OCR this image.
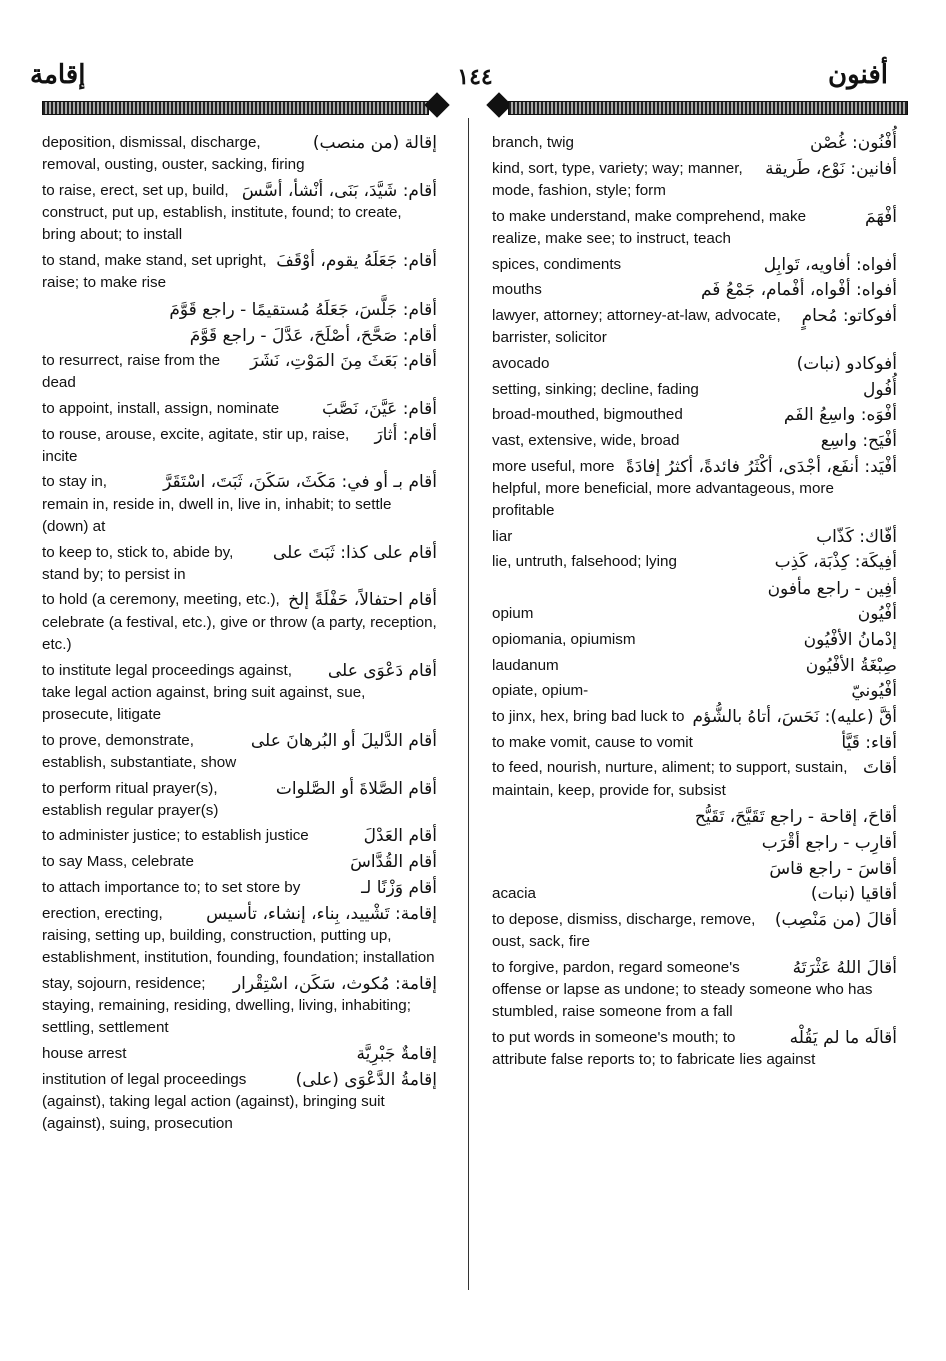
إقامة	١٤٤	أفنون
إقالة (من منصب)
deposition, dismissal, discharge, removal, ousting, ouster, sacking, firing
أقام: شَيَّدَ، بَنَى، أنْشأ، أسَّسَ
to raise, erect, set up, build, construct, put up, establish, institute, found; to create, bring about; to install
أقام: جَعَلَهُ يقوم، أوْقَفَ
to stand, make stand, set upright, raise; to make rise
أقام: جَلَّسَ، جَعَلَهُ مُستقيمًا - راجع قَوَّمَ
أقام: صَحَّحَ، أصْلَحَ، عَدَّلَ - راجع قَوَّمَ
أقام: بَعَثَ مِنَ المَوْتِ، نَشَرَ
to resurrect, raise from the dead
أقام: عَيَّنَ، نَصَّبَ
to appoint, install, assign, nominate
أقام: أثارَ
to rouse, arouse, excite, agitate, stir up, raise, incite
أقام بـ أو في: مَكَثَ، سَكَنَ، ثَبَتَ، اسْتَقَرَّ
to stay in, remain in, reside in, dwell in, live in, inhabit; to settle (down) at
أقام على كذا: ثَبَتَ على
to keep to, stick to, abide by, stand by; to persist in
أقام احتفالاً، حَفْلَةً إلخ
to hold (a ceremony, meeting, etc.), celebrate (a festival, etc.), give or throw (a party, reception, etc.)
أقام دَعْوَى على
to institute legal proceedings against, take legal action against, bring suit against, sue, prosecute, litigate
أقام الدَّليلَ أو البُرهانَ على
to prove, demonstrate, establish, substantiate, show
أقام الصَّلاةَ أو الصَّلوات
to perform ritual prayer(s), establish regular prayer(s)
أقام العَدْلَ
to administer justice; to establish justice
أقام القُدَّاسَ
to say Mass, celebrate
أقام وَزْنًا لـ
to attach importance to; to set store by
إقامة: تَشْييد، بِناء، إنشاء، تأسيس
erection, erecting, raising, setting up, building, construction, putting up, establishment, institution, founding, foundation; installation
إقامة: مُكوث، سَكَن، اسْتِقْرار
stay, sojourn, residence; staying, remaining, residing, dwelling, living, inhabiting; settling, settlement
إقامةٌ جَبْرِيَّة
house arrest
إقامةُ الدَّعْوَى (على)
institution of legal proceedings (against), taking legal action (against), bringing suit (against), suing, prosecution
أُفْنُون: غُصْن
branch, twig
أفانين: نَوْع، طَريقة
kind, sort, type, variety; way; manner, mode, fashion, style; form
أفْهَمَ
to make understand, make comprehend, make realize, make see; to instruct, teach
أفواه: أفاويه، تَوابِل
spices, condiments
أفواه: أفْواه، أفْمام، جَمْعُ فَم
mouths
أفوكاتو: مُحامٍ
lawyer, attorney; attorney-at-law, advocate, barrister, solicitor
أفوكادو (نبات)
avocado
أُفُول
setting, sinking; decline, fading
أفْوَه: واسِعُ الفَم
broad-mouthed, bigmouthed
أفْيَح: واسِع
vast, extensive, wide, broad
أفْيَد: أنفَع، أجْدَى، أكْثَرُ فائدةً، أكثرُ إفادَةً
more useful, more helpful, more beneficial, more advantageous, more profitable
أفّاك: كَذّاب
liar
أفِيكَة: كِذْبَة، كَذِب
lie, untruth, falsehood; lying
أفِين - راجع مأفون
أفْيُون
opium
إدْمانُ الأفْيُون
opiomania, opiumism
صِبْغَةُ الأفْيُون
laudanum
أفْيُونيّ
opiate, opium-
أقَّ (عليه): نَحَسَ، أتاهُ بالشُّؤم
to jinx, hex, bring bad luck to
أقاء: قَيَّأ
to make vomit, cause to vomit
أقاتَ
to feed, nourish, nurture, aliment; to support, sustain, maintain, keep, provide for, subsist
أقاحَ، إقاحة - راجع تَقَيَّحَ، تَقَيُّح
أقارِب - راجع أقْرَب
أقاسَ - راجع قاسَ
أقاقيا (نبات)
acacia
أقالَ (من مَنْصِب)
to depose, dismiss, discharge, remove, oust, sack, fire
أقالَ اللهُ عَثْرَتَهُ
to forgive, pardon, regard someone's offense or lapse as undone; to steady someone who has stumbled, raise someone from a fall
أقالَه ما لم يَقُلْه
to put words in someone's mouth; to attribute false reports to; to fabricate lies against
